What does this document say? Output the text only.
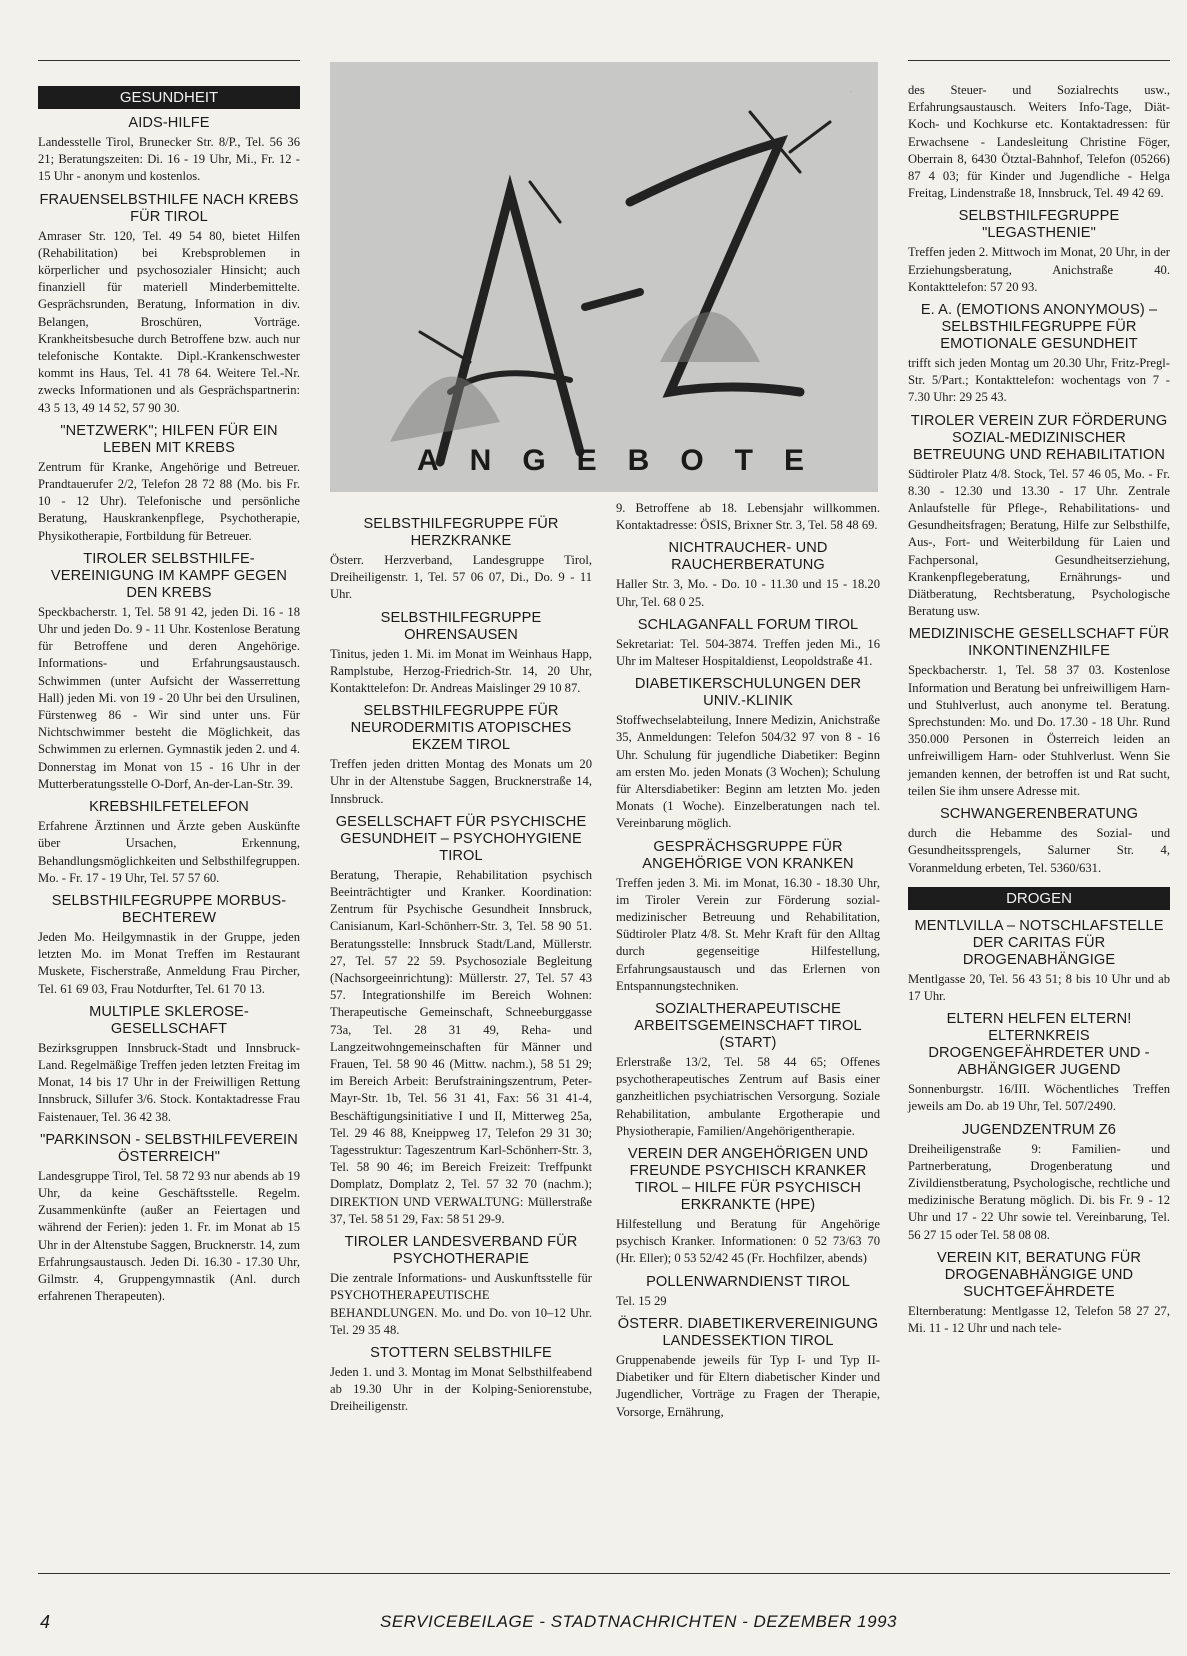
GESUNDHEIT
AIDS-HILFE

Landesstelle Tirol, Brunecker Str. 8/P., Tel. 56 36 21; Beratungszeiten: Di. 16 - 19 Uhr, Mi., Fr. 12 - 15 Uhr - anonym und kostenlos.

FRAUENSELBSTHILFE NACH KREBS FÜR TIROL

Amraser Str. 120, Tel. 49 54 80, bietet Hilfen (Rehabilitation) bei Krebsproblemen in körperlicher und psychosozialer Hinsicht; auch finanziell für materiell Minderbemittelte. Gesprächsrunden, Beratung, Information in div. Belangen, Broschüren, Vorträge. Krankheitsbesuche durch Betroffene bzw. auch nur telefonische Kontakte. Dipl.-Krankenschwester kommt ins Haus, Tel. 41 78 64. Weitere Tel.-Nr. zwecks Informationen und als Gesprächspartnerin: 43 5 13, 49 14 52, 57 90 30.

"NETZWERK"; HILFEN FÜR EIN LEBEN MIT KREBS

Zentrum für Kranke, Angehörige und Betreuer. Prandtauerufer 2/2, Telefon 28 72 88 (Mo. bis Fr. 10 - 12 Uhr). Telefonische und persönliche Beratung, Hauskrankenpflege, Psychotherapie, Physikotherapie, Fortbildung für Betreuer.

TIROLER SELBSTHILFE-VEREINIGUNG IM KAMPF GEGEN DEN KREBS

Speckbacherstr. 1, Tel. 58 91 42, jeden Di. 16 - 18 Uhr und jeden Do. 9 - 11 Uhr. Kostenlose Beratung für Betroffene und deren Angehörige. Informations- und Erfahrungsaustausch. Schwimmen (unter Aufsicht der Wasserrettung Hall) jeden Mi. von 19 - 20 Uhr bei den Ursulinen, Fürstenweg 86 - Wir sind unter uns. Für Nichtschwimmer besteht die Möglichkeit, das Schwimmen zu erlernen. Gymnastik jeden 2. und 4. Donnerstag im Monat von 15 - 16 Uhr in der Mutterberatungsstelle O-Dorf, An-der-Lan-Str. 39.

KREBSHILFETELEFON

Erfahrene Ärztinnen und Ärzte geben Auskünfte über Ursachen, Erkennung, Behandlungsmöglichkeiten und Selbsthilfegruppen. Mo. - Fr. 17 - 19 Uhr, Tel. 57 57 60.

SELBSTHILFEGRUPPE MORBUS-BECHTEREW

Jeden Mo. Heilgymnastik in der Gruppe, jeden letzten Mo. im Monat Treffen im Restaurant Muskete, Fischerstraße, Anmeldung Frau Pircher, Tel. 61 69 03, Frau Notdurfter, Tel. 61 70 13.

MULTIPLE SKLEROSE-GESELLSCHAFT

Bezirksgruppen Innsbruck-Stadt und Innsbruck-Land. Regelmäßige Treffen jeden letzten Freitag im Monat, 14 bis 17 Uhr in der Freiwilligen Rettung Innsbruck, Sillufer 3/6. Stock. Kontaktadresse Frau Faistenauer, Tel. 36 42 38.

"PARKINSON - SELBSTHILFEVEREIN ÖSTERREICH"

Landesgruppe Tirol, Tel. 58 72 93 nur abends ab 19 Uhr, da keine Geschäftsstelle. Regelm. Zusammenkünfte (außer an Feiertagen und während der Ferien): jeden 1. Fr. im Monat ab 15 Uhr in der Altenstube Saggen, Brucknerstr. 14, zum Erfahrungsaustausch. Jeden Di. 16.30 - 17.30 Uhr, Gilmstr. 4, Gruppengymnastik (Anl. durch erfahrenen Therapeuten).

A-Z
ANGEBOTE
SELBSTHILFEGRUPPE FÜR HERZKRANKE

Österr. Herzverband, Landesgruppe Tirol, Dreiheiligenstr. 1, Tel. 57 06 07, Di., Do. 9 - 11 Uhr.

SELBSTHILFEGRUPPE OHRENSAUSEN

Tinitus, jeden 1. Mi. im Monat im Weinhaus Happ, Ramplstube, Herzog-Friedrich-Str. 14, 20 Uhr, Kontakttelefon: Dr. Andreas Maislinger 29 10 87.

SELBSTHILFEGRUPPE FÜR NEURODERMITIS ATOPISCHES EKZEM TIROL

Treffen jeden dritten Montag des Monats um 20 Uhr in der Altenstube Saggen, Brucknerstraße 14, Innsbruck.

GESELLSCHAFT FÜR PSYCHISCHE GESUNDHEIT – PSYCHOHYGIENE TIROL

Beratung, Therapie, Rehabilitation psychisch Beeinträchtigter und Kranker. Koordination: Zentrum für Psychische Gesundheit Innsbruck, Canisianum, Karl-Schönherr-Str. 3, Tel. 58 90 51. Beratungsstelle: Innsbruck Stadt/Land, Müllerstr. 27, Tel. 57 22 59. Psychosoziale Begleitung (Nachsorgeeinrichtung): Müllerstr. 27, Tel. 57 43 57. Integrationshilfe im Bereich Wohnen: Therapeutische Gemeinschaft, Schneeburggasse 73a, Tel. 28 31 49, Reha- und Langzeitwohngemeinschaften für Männer und Frauen, Tel. 58 90 46 (Mittw. nachm.), 58 51 29; im Bereich Arbeit: Berufstrainingszentrum, Peter-Mayr-Str. 1b, Tel. 56 31 41, Fax: 56 31 41-4, Beschäftigungsinitiative I und II, Mitterweg 25a, Tel. 29 46 88, Kneippweg 17, Telefon 29 31 30; Tagesstruktur: Tageszentrum Karl-Schönherr-Str. 3, Tel. 58 90 46; im Bereich Freizeit: Treffpunkt Domplatz, Domplatz 2, Tel. 57 32 70 (nachm.); DIREKTION UND VERWALTUNG: Müllerstraße 37, Tel. 58 51 29, Fax: 58 51 29-9.

TIROLER LANDESVERBAND FÜR PSYCHOTHERAPIE

Die zentrale Informations- und Auskunftsstelle für PSYCHOTHERAPEUTISCHE BEHANDLUNGEN. Mo. und Do. von 10–12 Uhr. Tel. 29 35 48.

STOTTERN SELBSTHILFE

Jeden 1. und 3. Montag im Monat Selbsthilfeabend ab 19.30 Uhr in der Kolping-Seniorenstube, Dreiheiligenstr.

9. Betroffene ab 18. Lebensjahr willkommen. Kontaktadresse: ÖSIS, Brixner Str. 3, Tel. 58 48 69.

NICHTRAUCHER- UND RAUCHERBERATUNG

Haller Str. 3, Mo. - Do. 10 - 11.30 und 15 - 18.20 Uhr, Tel. 68 0 25.

SCHLAGANFALL FORUM TIROL

Sekretariat: Tel. 504-3874. Treffen jeden Mi., 16 Uhr im Malteser Hospitaldienst, Leopoldstraße 41.

DIABETIKERSCHULUNGEN DER UNIV.-KLINIK

Stoffwechselabteilung, Innere Medizin, Anichstraße 35, Anmeldungen: Telefon 504/32 97 von 8 - 16 Uhr. Schulung für jugendliche Diabetiker: Beginn am ersten Mo. jeden Monats (3 Wochen); Schulung für Altersdiabetiker: Beginn am letzten Mo. jeden Monats (1 Woche). Einzelberatungen nach tel. Vereinbarung möglich.

GESPRÄCHSGRUPPE FÜR ANGEHÖRIGE VON KRANKEN

Treffen jeden 3. Mi. im Monat, 16.30 - 18.30 Uhr, im Tiroler Verein zur Förderung sozial-medizinischer Betreuung und Rehabilitation, Südtiroler Platz 4/8. St. Mehr Kraft für den Alltag durch gegenseitige Hilfestellung, Erfahrungsaustausch und das Erlernen von Entspannungstechniken.

SOZIALTHERAPEUTISCHE ARBEITSGEMEINSCHAFT TIROL (START)

Erlerstraße 13/2, Tel. 58 44 65; Offenes psychotherapeutisches Zentrum auf Basis einer ganzheitlichen psychiatrischen Versorgung. Soziale Rehabilitation, ambulante Ergotherapie und Physiotherapie, Familien/Angehörigentherapie.

VEREIN DER ANGEHÖRIGEN UND FREUNDE PSYCHISCH KRANKER TIROL – HILFE FÜR PSYCHISCH ERKRANKTE (HPE)

Hilfestellung und Beratung für Angehörige psychisch Kranker. Informationen: 0 52 73/63 70 (Hr. Eller); 0 53 52/42 45 (Fr. Hochfilzer, abends)

POLLENWARNDIENST TIROL

Tel. 15 29

ÖSTERR. DIABETIKERVEREINIGUNG LANDESSEKTION TIROL

Gruppenabende jeweils für Typ I- und Typ II-Diabetiker und für Eltern diabetischer Kinder und Jugendlicher, Vorträge zu Fragen der Therapie, Vorsorge, Ernährung,

des Steuer- und Sozialrechts usw., Erfahrungsaustausch. Weiters Info-Tage, Diät-Koch- und Kochkurse etc. Kontaktadressen: für Erwachsene - Landesleitung Christine Föger, Oberrain 8, 6430 Ötztal-Bahnhof, Telefon (05266) 87 4 03; für Kinder und Jugendliche - Helga Freitag, Lindenstraße 18, Innsbruck, Tel. 49 42 69.

SELBSTHILFEGRUPPE "LEGASTHENIE"

Treffen jeden 2. Mittwoch im Monat, 20 Uhr, in der Erziehungsberatung, Anichstraße 40. Kontakttelefon: 57 20 93.

E. A. (EMOTIONS ANONYMOUS) – SELBSTHILFEGRUPPE FÜR EMOTIONALE GESUNDHEIT

trifft sich jeden Montag um 20.30 Uhr, Fritz-Pregl-Str. 5/Part.; Kontakttelefon: wochentags von 7 - 7.30 Uhr: 29 25 43.

TIROLER VEREIN ZUR FÖRDERUNG SOZIAL-MEDIZINISCHER BETREUUNG UND REHABILITATION

Südtiroler Platz 4/8. Stock, Tel. 57 46 05, Mo. - Fr. 8.30 - 12.30 und 13.30 - 17 Uhr. Zentrale Anlaufstelle für Pflege-, Rehabilitations- und Gesundheitsfragen; Beratung, Hilfe zur Selbsthilfe, Aus-, Fort- und Weiterbildung für Laien und Fachpersonal, Gesundheitserziehung, Krankenpflegeberatung, Ernährungs- und Diätberatung, Rechtsberatung, Psychologische Beratung usw.

MEDIZINISCHE GESELLSCHAFT FÜR INKONTINENZHILFE

Speckbacherstr. 1, Tel. 58 37 03. Kostenlose Information und Beratung bei unfreiwilligem Harn- und Stuhlverlust, auch anonyme tel. Beratung. Sprechstunden: Mo. und Do. 17.30 - 18 Uhr. Rund 350.000 Personen in Österreich leiden an unfreiwilligem Harn- oder Stuhlverlust. Wenn Sie jemanden kennen, der betroffen ist und Rat sucht, teilen Sie ihm unsere Adresse mit.

SCHWANGERENBERATUNG

durch die Hebamme des Sozial- und Gesundheitssprengels, Salurner Str. 4, Voranmeldung erbeten, Tel. 5360/631.

DROGEN
MENTLVILLA – NOTSCHLAFSTELLE DER CARITAS FÜR DROGENABHÄNGIGE

Mentlgasse 20, Tel. 56 43 51; 8 bis 10 Uhr und ab 17 Uhr.

ELTERN HELFEN ELTERN! ELTERNKREIS DROGENGEFÄHRDETER UND -ABHÄNGIGER JUGEND

Sonnenburgstr. 16/III. Wöchentliches Treffen jeweils am Do. ab 19 Uhr, Tel. 507/2490.

JUGENDZENTRUM Z6

Dreiheiligenstraße 9: Familien- und Partnerberatung, Drogenberatung und Zivildienstberatung, Psychologische, rechtliche und medizinische Beratung möglich. Di. bis Fr. 9 - 12 Uhr und 17 - 22 Uhr sowie tel. Vereinbarung, Tel. 56 27 15 oder Tel. 58 08 08.

VEREIN KIT, BERATUNG FÜR DROGENABHÄNGIGE UND SUCHTGEFÄHRDETE

Elternberatung: Mentlgasse 12, Telefon 58 27 27, Mi. 11 - 12 Uhr und nach tele-

4	SERVICEBEILAGE - STADTNACHRICHTEN - DEZEMBER 1993
